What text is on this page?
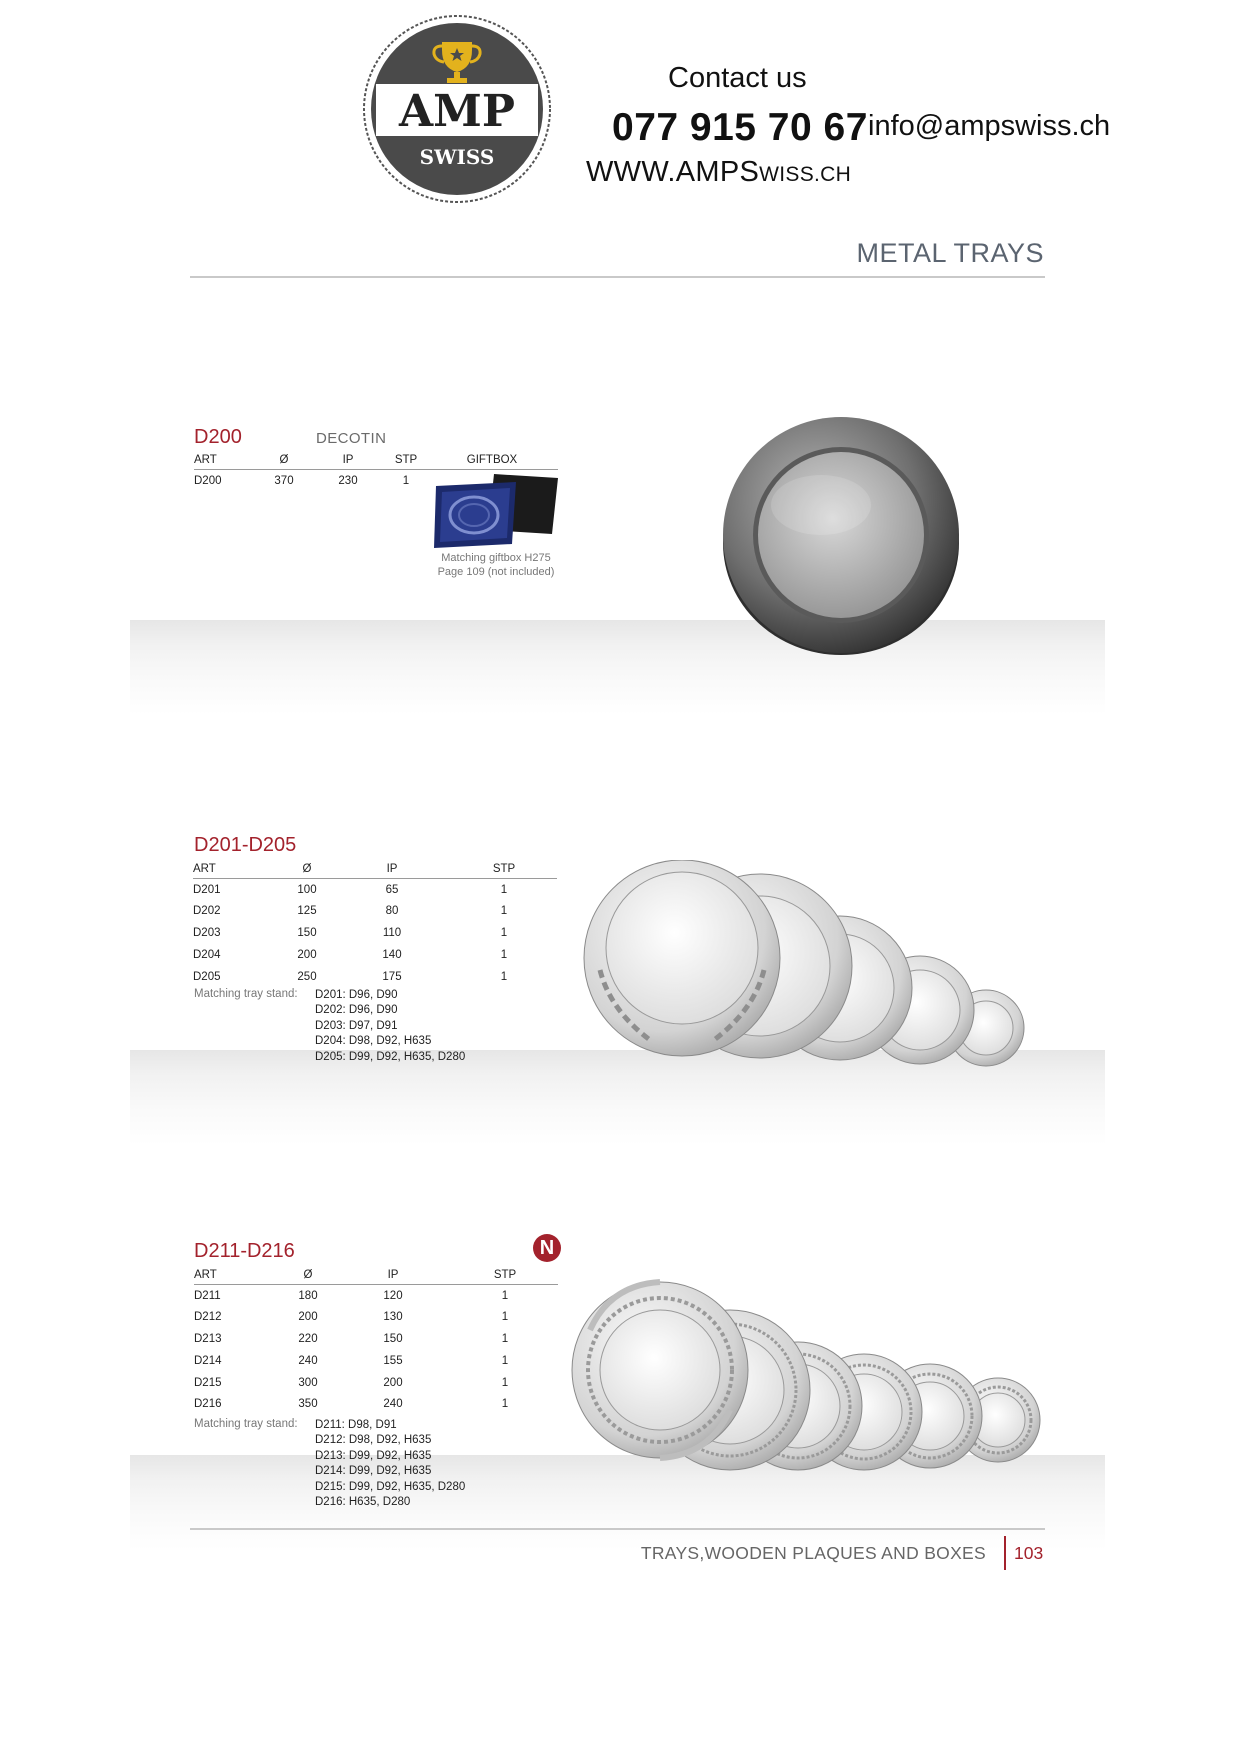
AMP
SWISS
Contact us
077 915 70 67 info@ampswiss.ch
WWW.AMPSWISS.CH
METAL TRAYS
D200	DECOTIN
ART	Ø	IP	STP	GIFTBOX
D200	370	230	1	
Matching giftbox H275
Page 109 (not included)
D201-D205
ART	Ø	IP	STP
D201	100	65	1
D202	125	80	1
D203	150	110	1
D204	200	140	1
D205	250	175	1
Matching tray stand: D201: D96, D90
D202: D96, D90
D203: D97, D91
D204: D98, D92, H635
D205: D99, D92, H635, D280
D211-D216	N
ART	Ø	IP	STP
D211	180	120	1
D212	200	130	1
D213	220	150	1
D214	240	155	1
D215	300	200	1
D216	350	240	1
Matching tray stand: D211: D98, D91
D212: D98, D92, H635
D213: D99, D92, H635
D214: D99, D92, H635
D215: D99, D92, H635, D280
D216: H635, D280
TRAYS,WOODEN PLAQUES AND BOXES 103
